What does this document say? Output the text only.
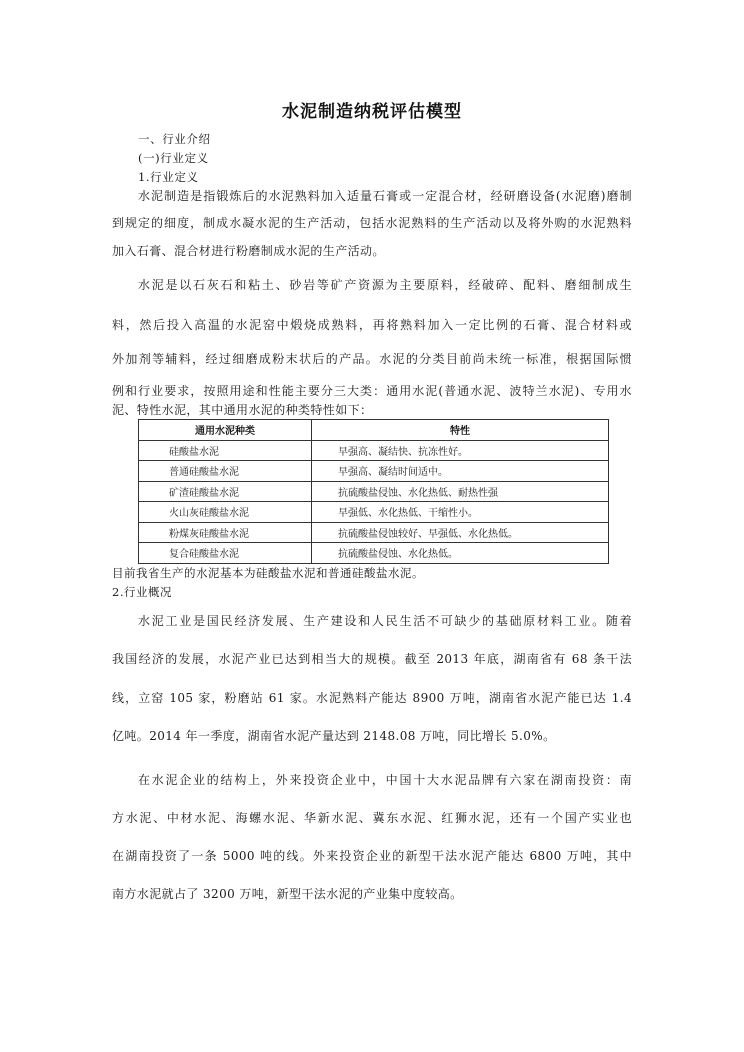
水泥制造纳税评估模型
一、行业介绍
(一)行业定义
1.行业定义
水泥制造是指锻炼后的水泥熟料加入适量石膏或一定混合材，经研磨设备(水泥磨)磨制
到规定的细度，制成水凝水泥的生产活动，包括水泥熟料的生产活动以及将外购的水泥熟料
加入石膏、混合材进行粉磨制成水泥的生产活动。
水泥是以石灰石和粘土、砂岩等矿产资源为主要原料，经破碎、配料、磨细制成生
料，然后投入高温的水泥窑中煅烧成熟料，再将熟料加入一定比例的石膏、混合材料或
外加剂等辅料，经过细磨成粉末状后的产品。水泥的分类目前尚未统一标准，根据国际惯
例和行业要求，按照用途和性能主要分三大类：通用水泥(普通水泥、波特兰水泥)、专用水
泥、特性水泥，其中通用水泥的种类特性如下：
通用水泥种类	特性
硅酸盐水泥	早强高、凝结快、抗冻性好。
普通硅酸盐水泥	早强高、凝结时间适中。
矿渣硅酸盐水泥	抗硫酸盐侵蚀、水化热低、耐热性强
火山灰硅酸盐水泥	早强低、水化热低、干缩性小。
粉煤灰硅酸盐水泥	抗硫酸盐侵蚀较好、早强低、水化热低。
复合硅酸盐水泥	抗硫酸盐侵蚀、水化热低。
目前我省生产的水泥基本为硅酸盐水泥和普通硅酸盐水泥。
2.行业概况
水泥工业是国民经济发展、生产建设和人民生活不可缺少的基础原材料工业。随着
我国经济的发展，水泥产业已达到相当大的规模。截至 2013 年底，湖南省有 68 条干法
线，立窑 105 家，粉磨站 61 家。水泥熟料产能达 8900 万吨，湖南省水泥产能已达 1.4
亿吨。2014 年一季度，湖南省水泥产量达到 2148.08 万吨，同比增长 5.0%。
在水泥企业的结构上，外来投资企业中，中国十大水泥品牌有六家在湖南投资：南
方水泥、中材水泥、海螺水泥、华新水泥、冀东水泥、红狮水泥，还有一个国产实业也
在湖南投资了一条 5000 吨的线。外来投资企业的新型干法水泥产能达 6800 万吨，其中
南方水泥就占了 3200 万吨，新型干法水泥的产业集中度较高。
